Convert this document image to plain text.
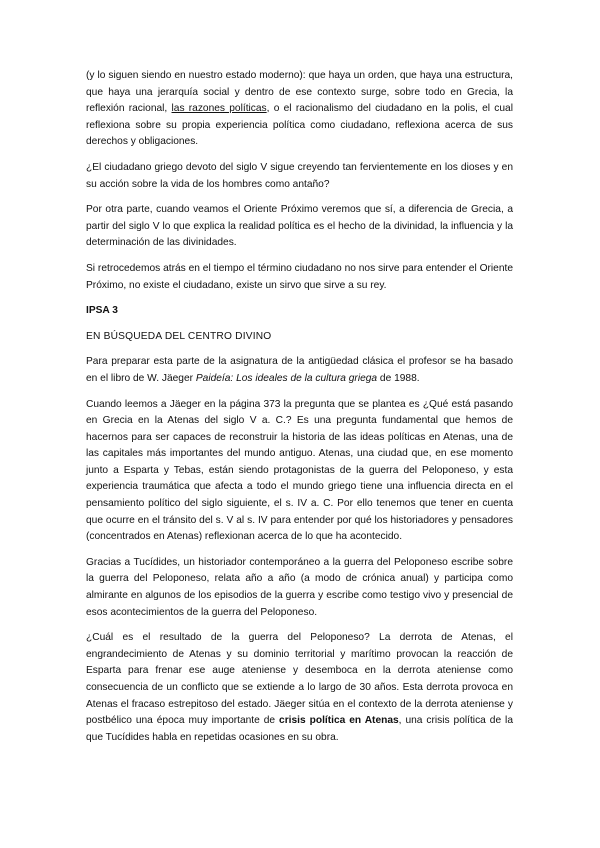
(y lo siguen siendo en nuestro estado moderno): que haya un orden, que haya una estructura, que haya una jerarquía social y dentro de ese contexto surge, sobre todo en Grecia, la reflexión racional, las razones políticas, o el racionalismo del ciudadano en la polis, el cual reflexiona sobre su propia experiencia política como ciudadano, reflexiona acerca de sus derechos y obligaciones.

¿El ciudadano griego devoto del siglo V sigue creyendo tan fervientemente en los dioses y en su acción sobre la vida de los hombres como antaño?

Por otra parte, cuando veamos el Oriente Próximo veremos que sí, a diferencia de Grecia, a partir del siglo V lo que explica la realidad política es el hecho de la divinidad, la influencia y la determinación de las divinidades.

Si retrocedemos atrás en el tiempo el término ciudadano no nos sirve para entender el Oriente Próximo, no existe el ciudadano, existe un sirvo que sirve a su rey.

IPSA 3

EN BÚSQUEDA DEL CENTRO DIVINO

Para preparar esta parte de la asignatura de la antigüedad clásica el profesor se ha basado en el libro de W. Jäeger Paideía: Los ideales de la cultura griega de 1988.

Cuando leemos a Jäeger en la página 373 la pregunta que se plantea es ¿Qué está pasando en Grecia en la Atenas del siglo V a. C.? Es una pregunta fundamental que hemos de hacernos para ser capaces de reconstruir la historia de las ideas políticas en Atenas, una de las capitales más importantes del mundo antiguo. Atenas, una ciudad que, en ese momento junto a Esparta y Tebas, están siendo protagonistas de la guerra del Peloponeso, y esta experiencia traumática que afecta a todo el mundo griego tiene una influencia directa en el pensamiento político del siglo siguiente, el s. IV a. C. Por ello tenemos que tener en cuenta que ocurre en el tránsito del s. V al s. IV para entender por qué los historiadores y pensadores (concentrados en Atenas) reflexionan acerca de lo que ha acontecido.

Gracias a Tucídides, un historiador contemporáneo a la guerra del Peloponeso escribe sobre la guerra del Peloponeso, relata año a año (a modo de crónica anual) y participa como almirante en algunos de los episodios de la guerra y escribe como testigo vivo y presencial de esos acontecimientos de la guerra del Peloponeso.

¿Cuál es el resultado de la guerra del Peloponeso? La derrota de Atenas, el engrandecimiento de Atenas y su dominio territorial y marítimo provocan la reacción de Esparta para frenar ese auge ateniense y desemboca en la derrota ateniense como consecuencia de un conflicto que se extiende a lo largo de 30 años. Esta derrota provoca en Atenas el fracaso estrepitoso del estado. Jäeger sitúa en el contexto de la derrota ateniense y postbélico una época muy importante de crisis política en Atenas, una crisis política de la que Tucídides habla en repetidas ocasiones en su obra.
